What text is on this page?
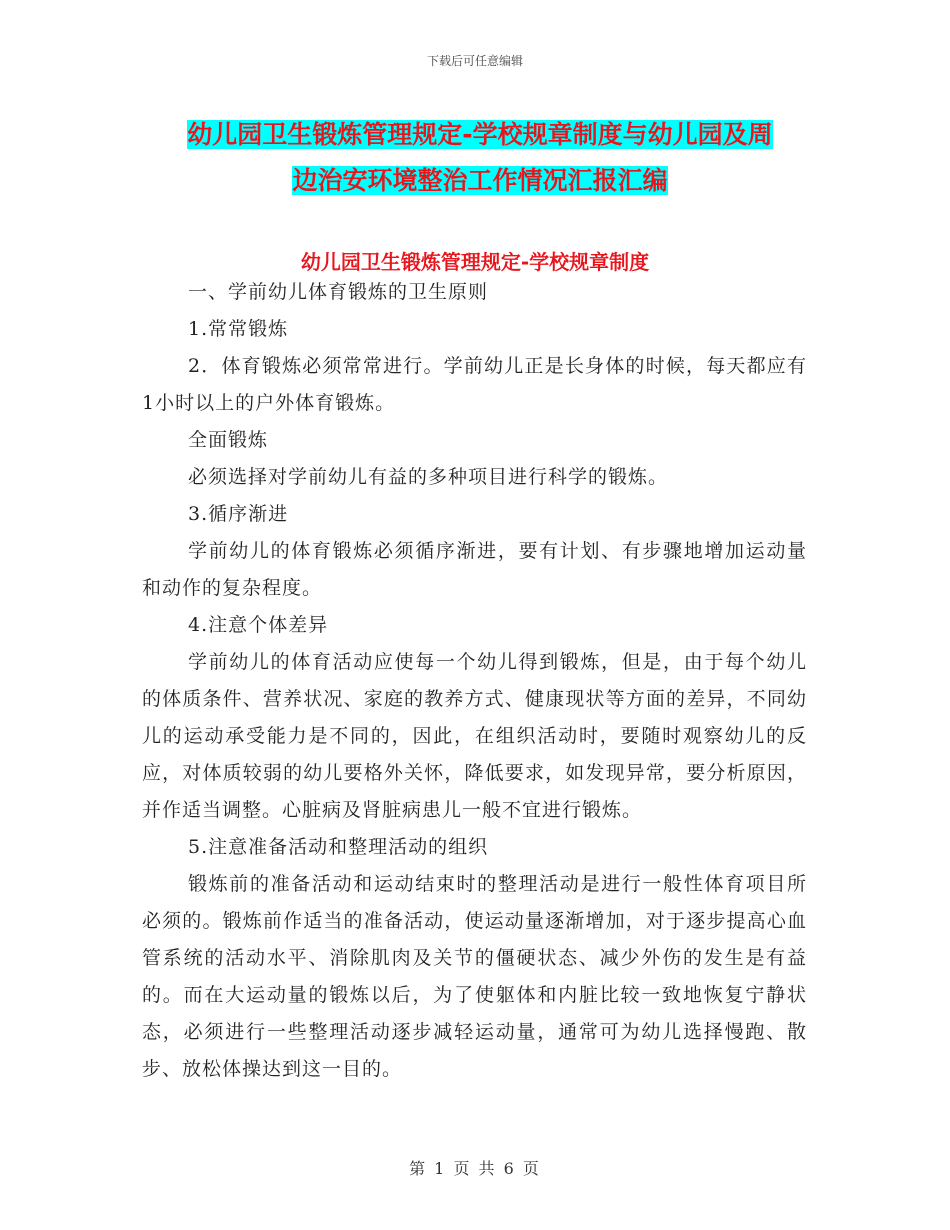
下载后可任意编辑
幼儿园卫生锻炼管理规定-学校规章制度与幼儿园及周
边治安环境整治工作情况汇报汇编
幼儿园卫生锻炼管理规定-学校规章制度

一、学前幼儿体育锻炼的卫生原则

1.常常锻炼

2．体育锻炼必须常常进行。学前幼儿正是长身体的时候，每天都应有1小时以上的户外体育锻炼。

全面锻炼

必须选择对学前幼儿有益的多种项目进行科学的锻炼。

3.循序渐进

学前幼儿的体育锻炼必须循序渐进，要有计划、有步骤地增加运动量和动作的复杂程度。

4.注意个体差异

学前幼儿的体育活动应使每一个幼儿得到锻炼，但是，由于每个幼儿的体质条件、营养状况、家庭的教养方式、健康现状等方面的差异，不同幼儿的运动承受能力是不同的，因此，在组织活动时，要随时观察幼儿的反应，对体质较弱的幼儿要格外关怀，降低要求，如发现异常，要分析原因，并作适当调整。心脏病及肾脏病患儿一般不宜进行锻炼。

5.注意准备活动和整理活动的组织

锻炼前的准备活动和运动结束时的整理活动是进行一般性体育项目所必须的。锻炼前作适当的准备活动，使运动量逐渐增加，对于逐步提高心血管系统的活动水平、消除肌肉及关节的僵硬状态、减少外伤的发生是有益的。而在大运动量的锻炼以后，为了使躯体和内脏比较一致地恢复宁静状态，必须进行一些整理活动逐步减轻运动量，通常可为幼儿选择慢跑、散步、放松体操达到这一目的。

第 1 页 共 6 页
